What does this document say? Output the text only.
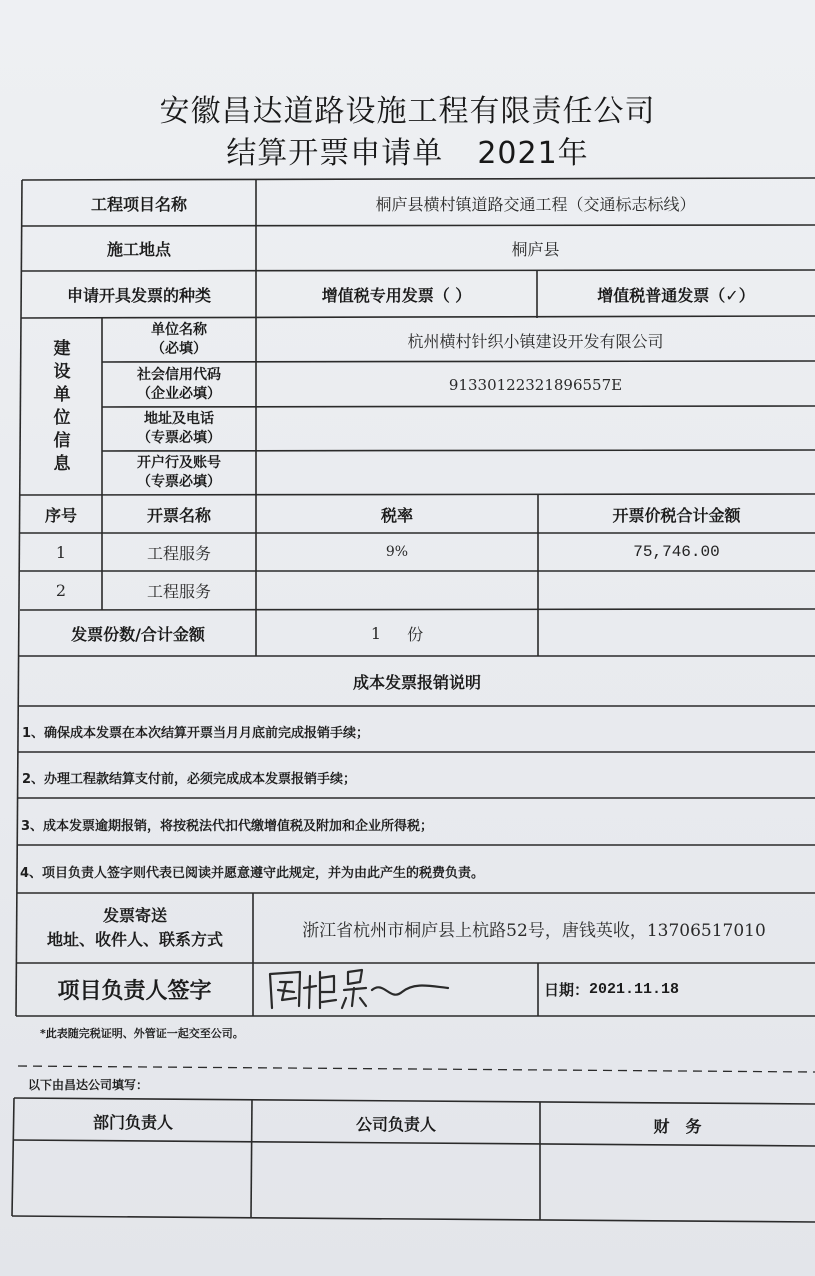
安徽昌达道路设施工程有限责任公司
结算开票申请单 2021年
工程项目名称	桐庐县横村镇道路交通工程（交通标志标线）
施工地点	桐庐县
申请开具发票的种类	增值税专用发票（ ）	增值税普通发票（✓）
建
设
单
位
信
息
单位名称
（必填）	杭州横村针织小镇建设开发有限公司
社会信用代码
（企业必填）	91330122321896557E
地址及电话
（专票必填）
开户行及账号
（专票必填）
序号	开票名称	税率	开票价税合计金额
1	工程服务	9%	75,746.00
2	工程服务
发票份数/合计金额	1 份
成本发票报销说明
1、确保成本发票在本次结算开票当月月底前完成报销手续；
2、办理工程款结算支付前，必须完成成本发票报销手续；
3、成本发票逾期报销，将按税法代扣代缴增值税及附加和企业所得税；
4、项目负责人签字则代表已阅读并愿意遵守此规定，并为由此产生的税费负责。
发票寄送
地址、收件人、联系方式	浙江省杭州市桐庐县上杭路52号，唐钱英收，13706517010
项目负责人签字	日期： 2021.11.18
*此表随完税证明、外管证一起交至公司。
以下由昌达公司填写：
部门负责人	公司负责人	财　务
